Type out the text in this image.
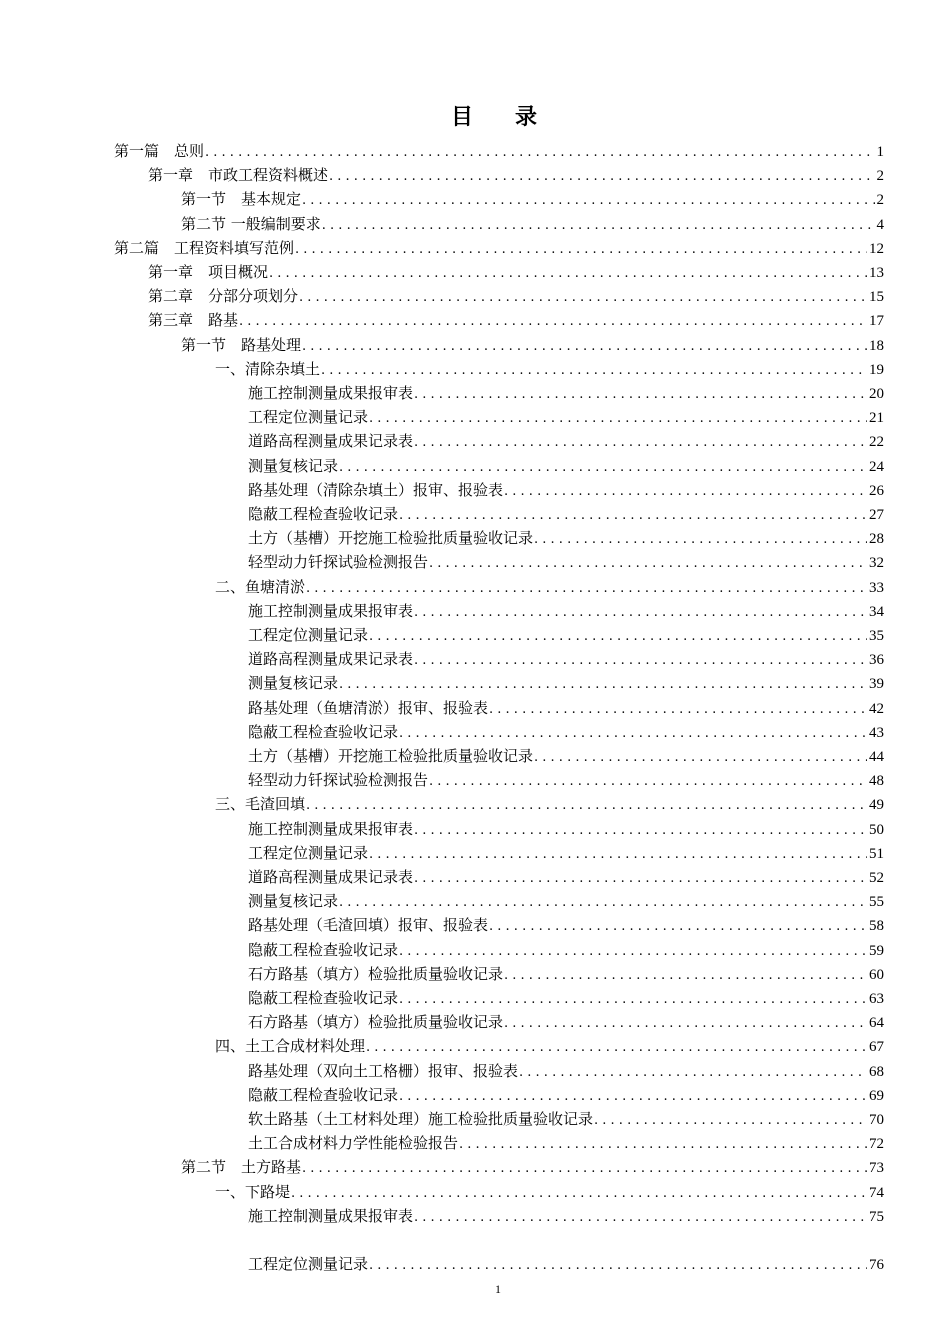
目　录
第一篇　总则 . . .	1
第一章　市政工程资料概述 . . .	2
第一节　基本规定 . . .	2
第二节 一般编制要求 . . .	4
第二篇　工程资料填写范例 . . .	12
第一章　项目概况 . . .	13
第二章　分部分项划分 . . .	15
第三章　路基 . . .	17
第一节　路基处理 . . .	18
一、清除杂填土 . . .	19
施工控制测量成果报审表 . . .	20
工程定位测量记录 . . .	21
道路高程测量成果记录表 . . .	22
测量复核记录 . . .	24
路基处理（清除杂填土）报审、报验表 . . .	26
隐蔽工程检查验收记录 . . .	27
土方（基槽）开挖施工检验批质量验收记录 . . .	28
轻型动力钎探试验检测报告 . . .	32
二、鱼塘清淤 . . .	33
施工控制测量成果报审表 . . .	34
工程定位测量记录 . . .	35
道路高程测量成果记录表 . . .	36
测量复核记录 . . .	39
路基处理（鱼塘清淤）报审、报验表 . . .	42
隐蔽工程检查验收记录 . . .	43
土方（基槽）开挖施工检验批质量验收记录 . . .	44
轻型动力钎探试验检测报告 . . .	48
三、毛渣回填 . . .	49
施工控制测量成果报审表 . . .	50
工程定位测量记录 . . .	51
道路高程测量成果记录表 . . .	52
测量复核记录 . . .	55
路基处理（毛渣回填）报审、报验表 . . .	58
隐蔽工程检查验收记录 . . .	59
石方路基（填方）检验批质量验收记录 . . .	60
隐蔽工程检查验收记录 . . .	63
石方路基（填方）检验批质量验收记录 . . .	64
四、土工合成材料处理 . . .	67
路基处理（双向土工格栅）报审、报验表 . . .	68
隐蔽工程检查验收记录 . . .	69
软土路基（土工材料处理）施工检验批质量验收记录 . . .	70
土工合成材料力学性能检验报告 . . .	72
第二节　土方路基 . . .	73
一、下路堤 . . .	74
施工控制测量成果报审表 . . .	75
工程定位测量记录 . . .	76
1
